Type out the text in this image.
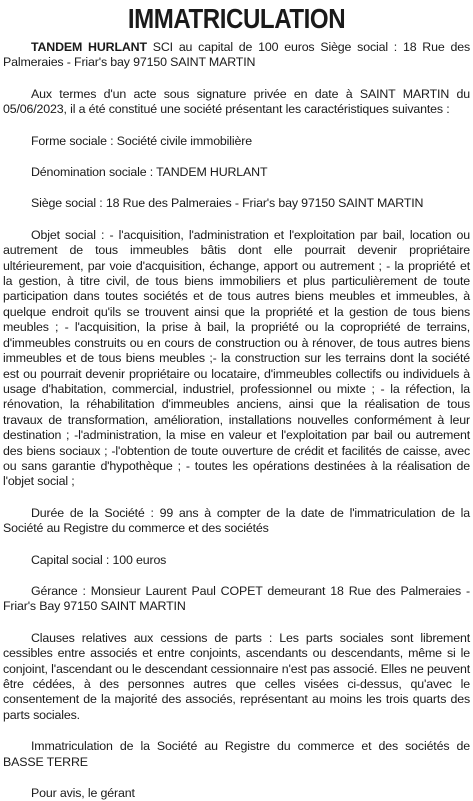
IMMATRICULATION

TANDEM HURLANT SCI au capital de 100 euros Siège social : 18 Rue des Palmeraies - Friar's bay 97150 SAINT MARTIN

Aux termes d'un acte sous signature privée en date à SAINT MARTIN du 05/06/2023, il a été constitué une société présentant les caractéristiques suivantes :

Forme sociale : Société civile immobilière

Dénomination sociale : TANDEM HURLANT

Siège social : 18 Rue des Palmeraies - Friar's bay 97150 SAINT MARTIN

Objet social : - l'acquisition, l'administration et l'exploitation par bail, location ou autrement de tous immeubles bâtis dont elle pourrait devenir propriétaire ultérieurement, par voie d'acquisition, échange, apport ou autrement ; - la propriété et la gestion, à titre civil, de tous biens immobiliers et plus particulièrement de toute participation dans toutes sociétés et de tous autres biens meubles et immeubles, à quelque endroit qu'ils se trouvent ainsi que la propriété et la gestion de tous biens meubles ; - l'acquisition, la prise à bail, la propriété ou la copropriété de terrains, d'immeubles construits ou en cours de construction ou à rénover, de tous autres biens immeubles et de tous biens meubles ;- la construction sur les terrains dont la société est ou pourrait devenir propriétaire ou locataire, d'immeubles collectifs ou individuels à usage d'habitation, commercial, industriel, professionnel ou mixte ; - la réfection, la rénovation, la réhabilitation d'immeubles anciens, ainsi que la réalisation de tous travaux de transformation, amélioration, installations nouvelles conformément à leur destination ; -l'administration, la mise en valeur et l'exploitation par bail ou autrement des biens sociaux ; -l'obtention de toute ouverture de crédit et facilités de caisse, avec ou sans garantie d'hypothèque ; - toutes les opérations destinées à la réalisation de l'objet social ;

Durée de la Société : 99 ans à compter de la date de l'immatriculation de la Société au Registre du commerce et des sociétés

Capital social : 100 euros

Gérance : Monsieur Laurent Paul COPET demeurant 18 Rue des Palmeraies - Friar's Bay 97150 SAINT MARTIN

Clauses relatives aux cessions de parts : Les parts sociales sont librement cessibles entre associés et entre conjoints, ascendants ou descendants, même si le conjoint, l'ascendant ou le descendant cessionnaire n'est pas associé. Elles ne peuvent être cédées, à des personnes autres que celles visées ci-dessus, qu'avec le consentement de la majorité des associés, représentant au moins les trois quarts des parts sociales.

Immatriculation de la Société au Registre du commerce et des sociétés de BASSE TERRE

Pour avis, le gérant
